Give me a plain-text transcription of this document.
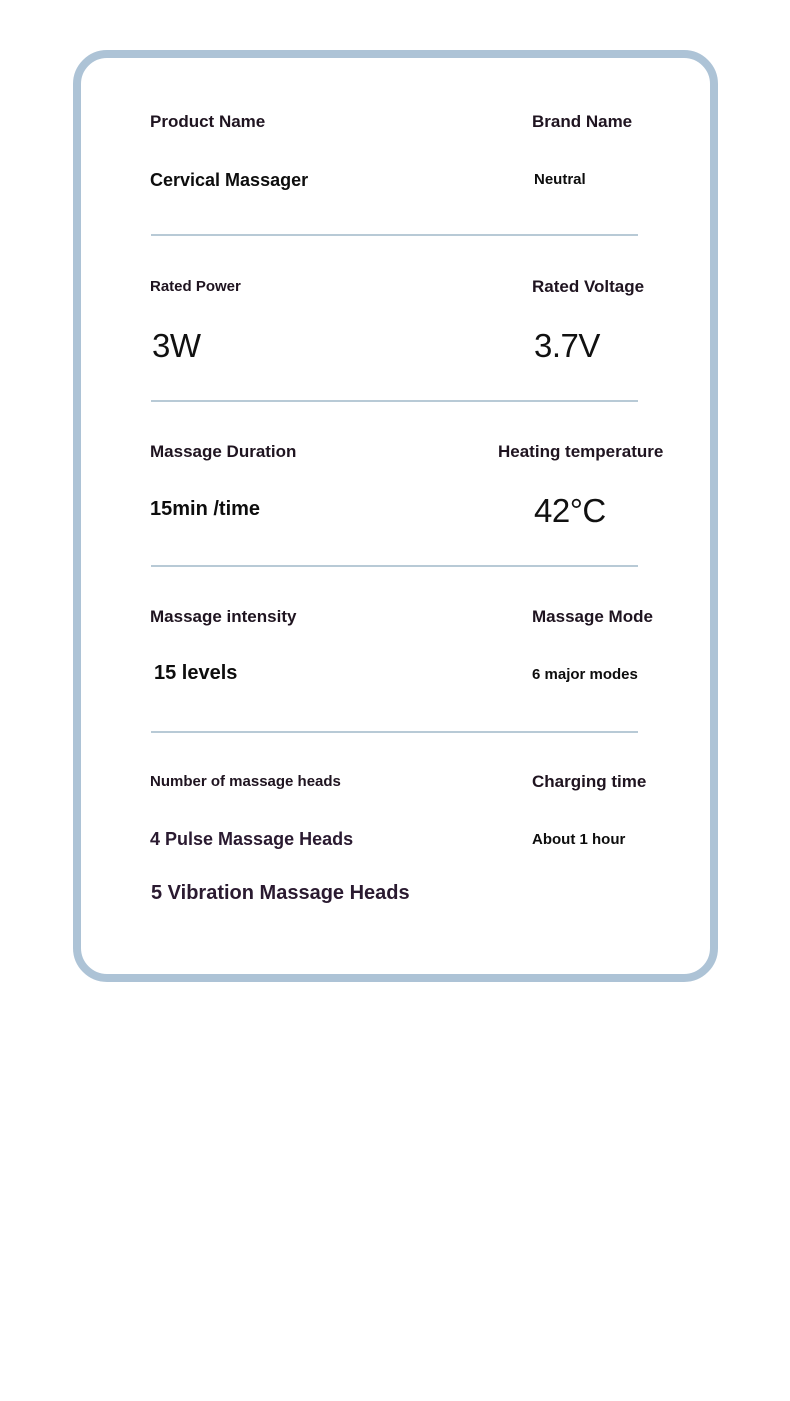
Product Name

Cervical Massager

Brand Name

Neutral

Rated Power

3W

Rated Voltage

3.7V

Massage Duration

15min /time

Heating temperature

42°C

Massage intensity

15 levels

Massage Mode

6 major modes

Number of massage heads

4 Pulse Massage Heads

5 Vibration Massage Heads

Charging time

About 1 hour
